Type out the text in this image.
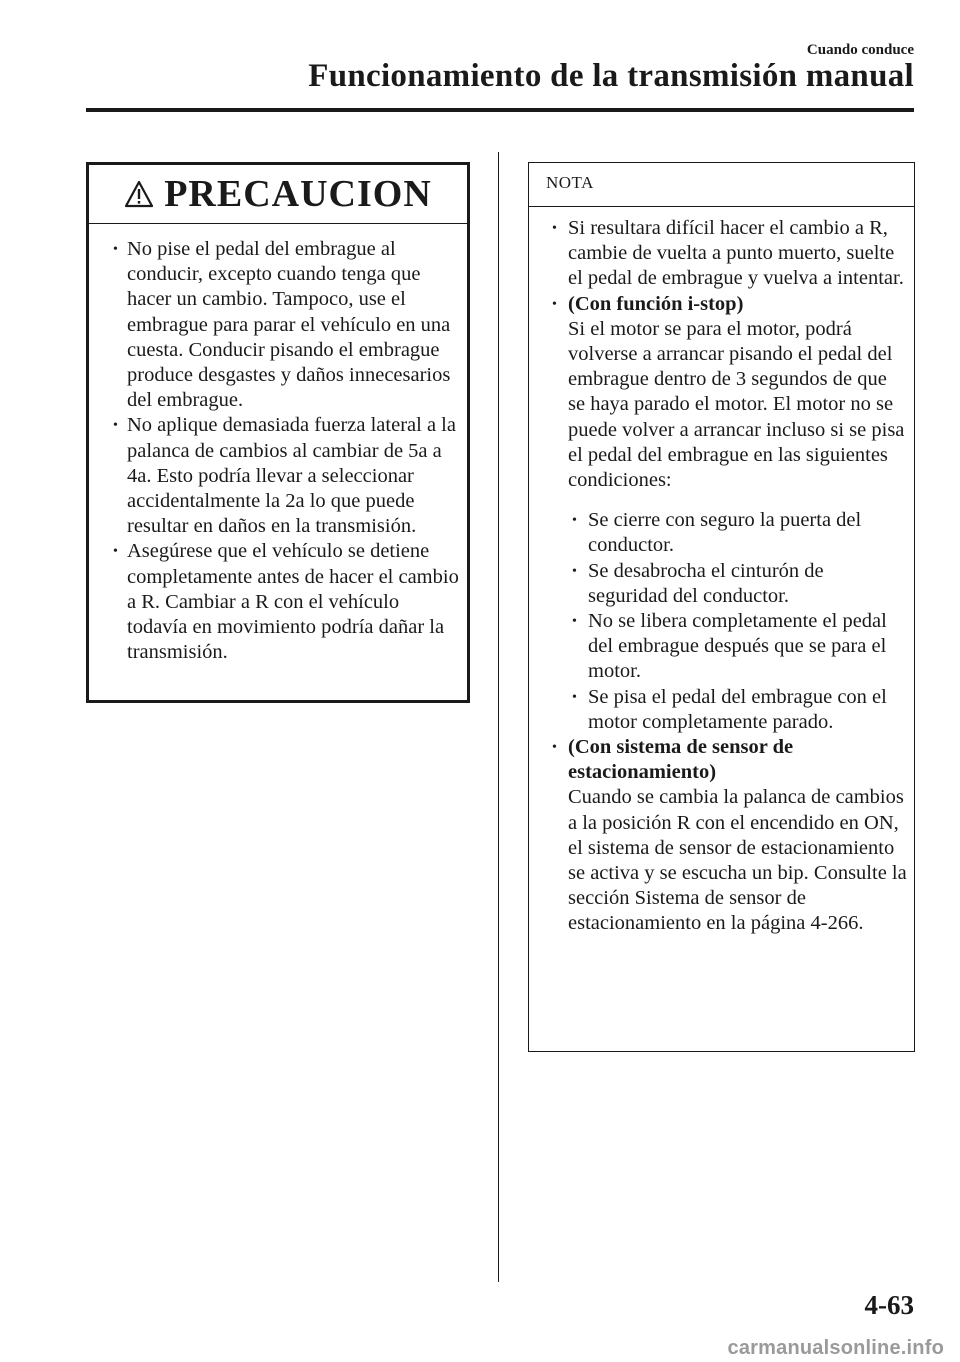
Cuando conduce
Funcionamiento de la transmisión manual
PRECAUCION
• No pise el pedal del embrague al conducir, excepto cuando tenga que hacer un cambio. Tampoco, use el embrague para parar el vehículo en una cuesta. Conducir pisando el embrague produce desgastes y daños innecesarios del embrague.
• No aplique demasiada fuerza lateral a la palanca de cambios al cambiar de 5a a 4a. Esto podría llevar a seleccionar accidentalmente la 2a lo que puede resultar en daños en la transmisión.
• Asegúrese que el vehículo se detiene completamente antes de hacer el cambio a R. Cambiar a R con el vehículo todavía en movimiento podría dañar la transmisión.
NOTA
• Si resultara difícil hacer el cambio a R, cambie de vuelta a punto muerto, suelte el pedal de embrague y vuelva a intentar.
• (Con función i-stop)
Si el motor se para el motor, podrá volverse a arrancar pisando el pedal del embrague dentro de 3 segundos de que se haya parado el motor. El motor no se puede volver a arrancar incluso si se pisa el pedal del embrague en las siguientes condiciones:
• Se cierre con seguro la puerta del conductor.
• Se desabrocha el cinturón de seguridad del conductor.
• No se libera completamente el pedal del embrague después que se para el motor.
• Se pisa el pedal del embrague con el motor completamente parado.
• (Con sistema de sensor de estacionamiento)
Cuando se cambia la palanca de cambios a la posición R con el encendido en ON, el sistema de sensor de estacionamiento se activa y se escucha un bip. Consulte la sección Sistema de sensor de estacionamiento en la página 4-266.
4-63
carmanualsonline.info
